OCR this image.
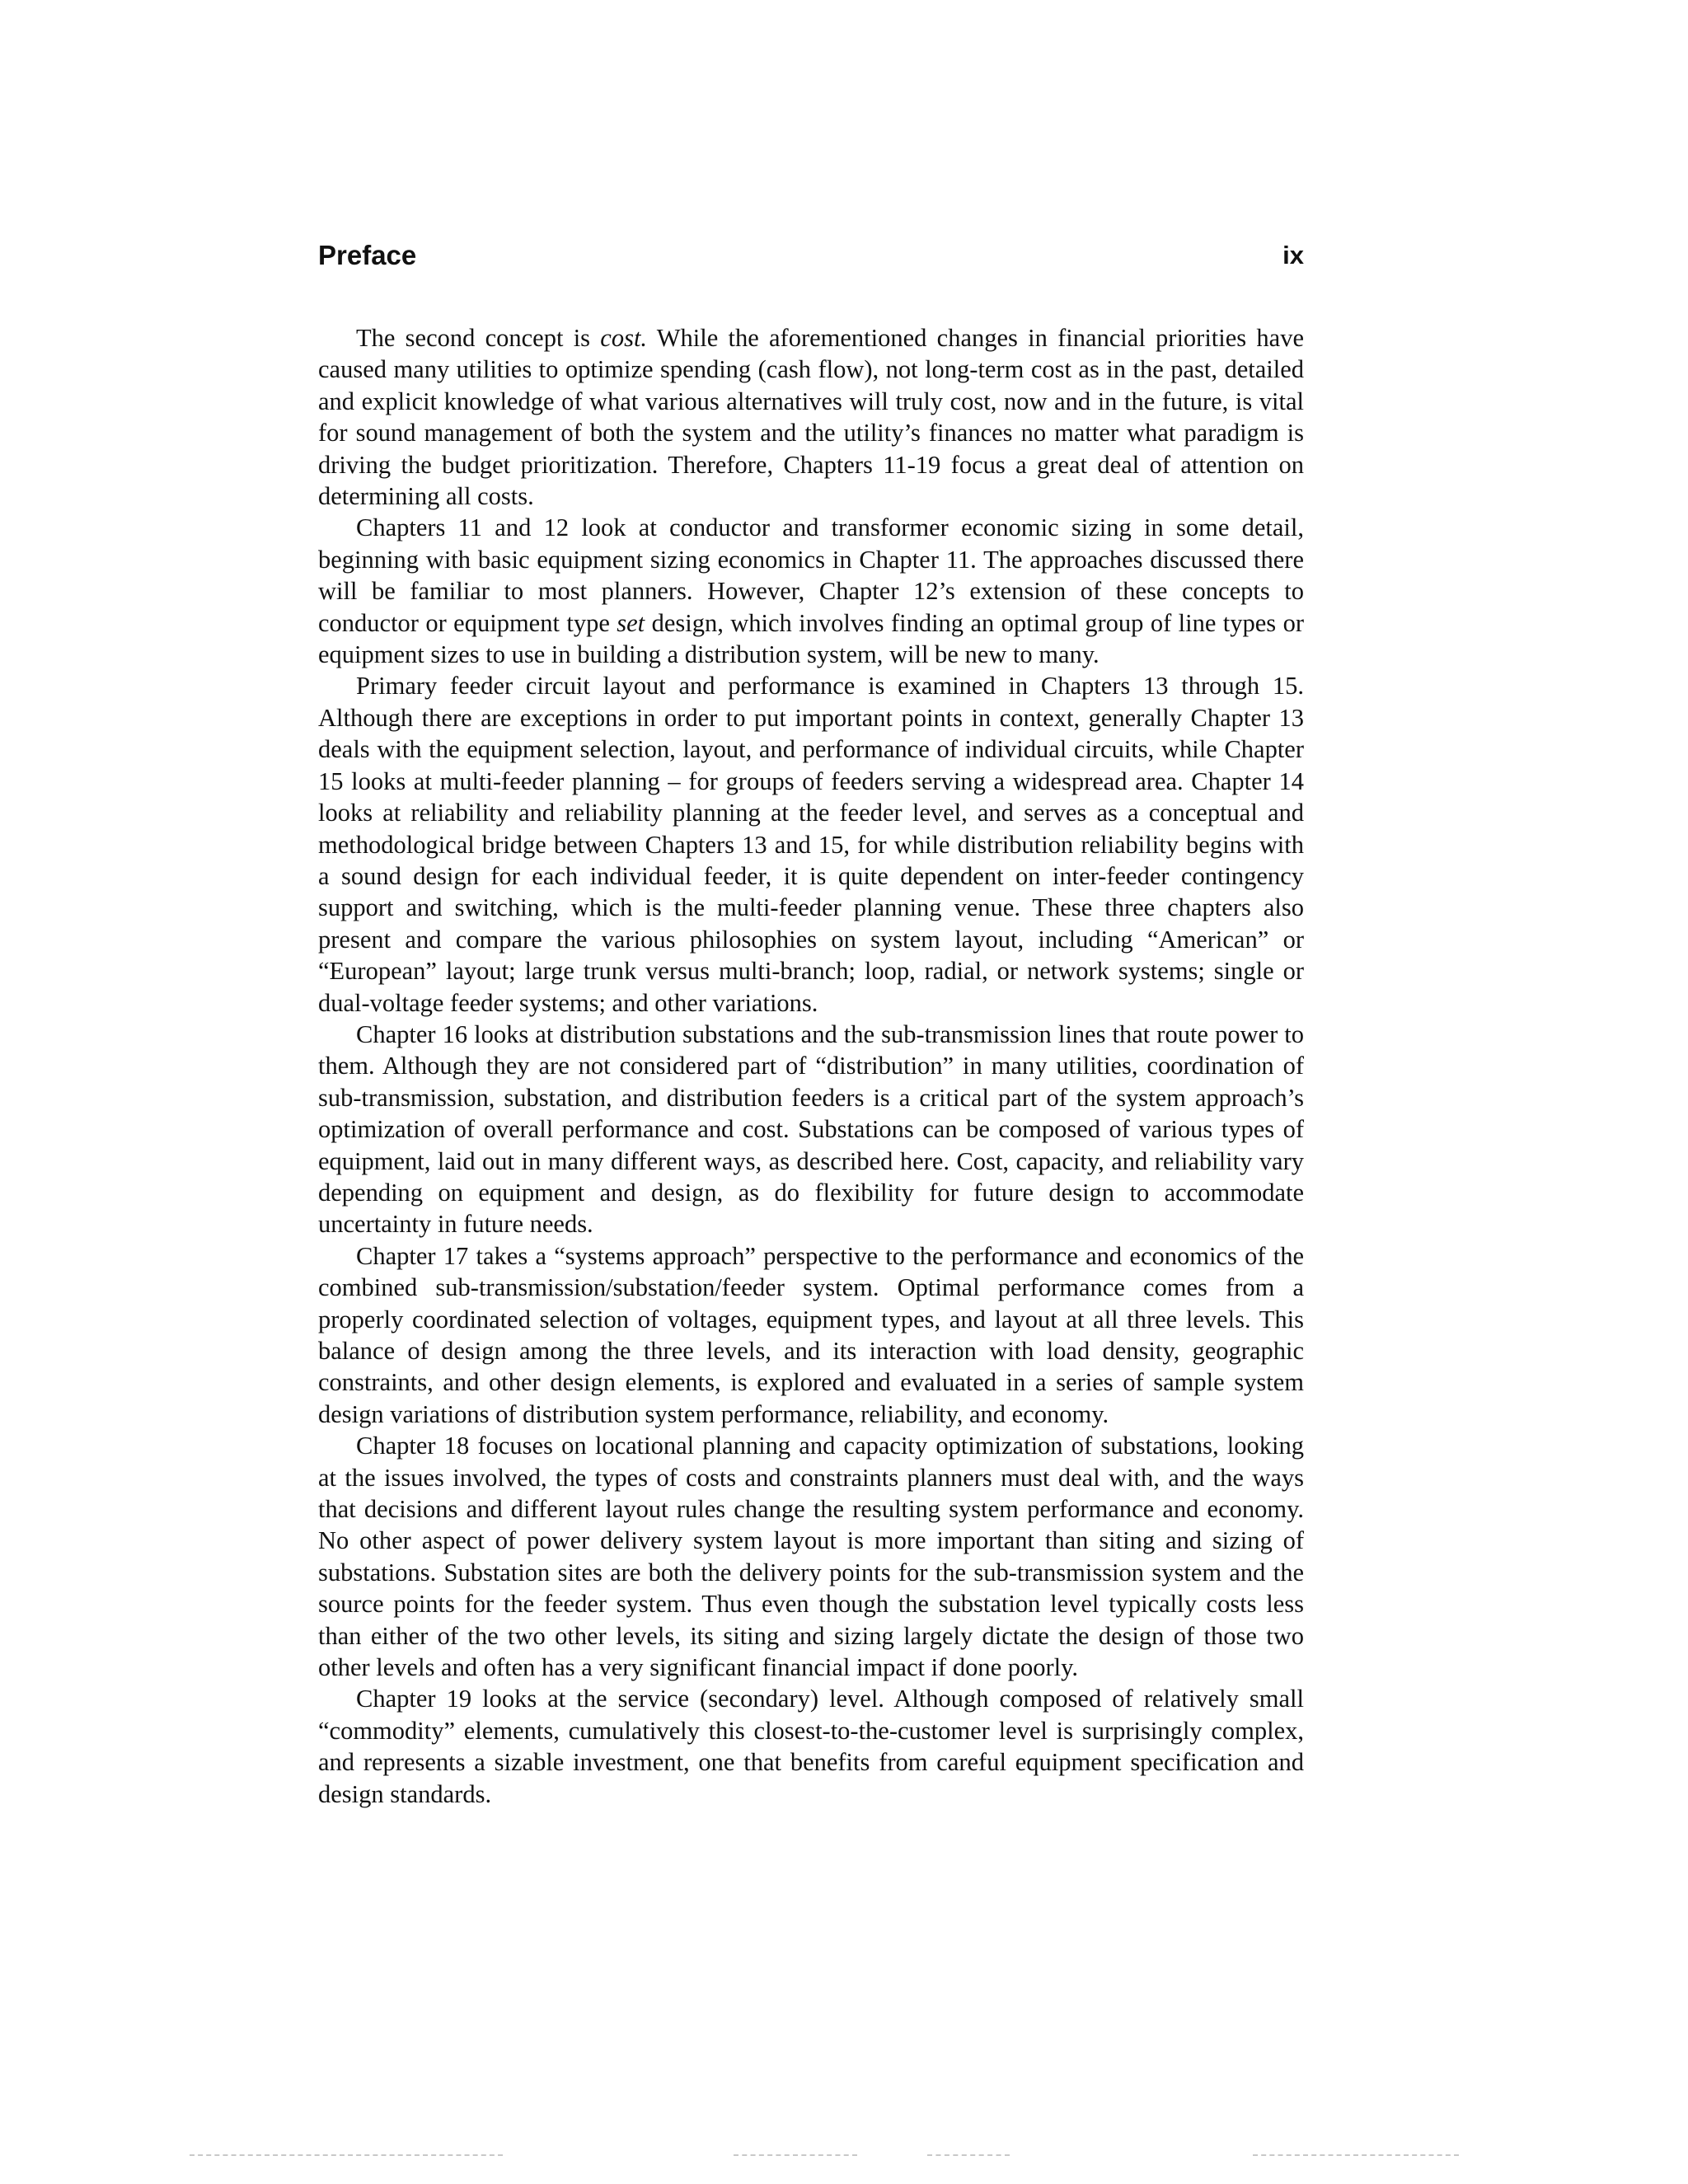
Preface	ix

The second concept is cost. While the aforementioned changes in financial priorities have caused many utilities to optimize spending (cash flow), not long-term cost as in the past, detailed and explicit knowledge of what various alternatives will truly cost, now and in the future, is vital for sound management of both the system and the utility’s finances no matter what paradigm is driving the budget prioritization. Therefore, Chapters 11-19 focus a great deal of attention on determining all costs.

Chapters 11 and 12 look at conductor and transformer economic sizing in some detail, beginning with basic equipment sizing economics in Chapter 11. The approaches discussed there will be familiar to most planners. However, Chapter 12’s extension of these concepts to conductor or equipment type set design, which involves finding an optimal group of line types or equipment sizes to use in building a distribution system, will be new to many.

Primary feeder circuit layout and performance is examined in Chapters 13 through 15. Although there are exceptions in order to put important points in context, generally Chapter 13 deals with the equipment selection, layout, and performance of individual circuits, while Chapter 15 looks at multi-feeder planning – for groups of feeders serving a widespread area. Chapter 14 looks at reliability and reliability planning at the feeder level, and serves as a conceptual and methodological bridge between Chapters 13 and 15, for while distribution reliability begins with a sound design for each individual feeder, it is quite dependent on inter-feeder contingency support and switching, which is the multi-feeder planning venue. These three chapters also present and compare the various philosophies on system layout, including “American” or “European” layout; large trunk versus multi-branch; loop, radial, or network systems; single or dual-voltage feeder systems; and other variations.

Chapter 16 looks at distribution substations and the sub-transmission lines that route power to them. Although they are not considered part of “distribution” in many utilities, coordination of sub-transmission, substation, and distribution feeders is a critical part of the system approach’s optimization of overall performance and cost. Substations can be composed of various types of equipment, laid out in many different ways, as described here. Cost, capacity, and reliability vary depending on equipment and design, as do flexibility for future design to accommodate uncertainty in future needs.

Chapter 17 takes a “systems approach” perspective to the performance and economics of the combined sub-transmission/substation/feeder system. Optimal performance comes from a properly coordinated selection of voltages, equipment types, and layout at all three levels. This balance of design among the three levels, and its interaction with load density, geographic constraints, and other design elements, is explored and evaluated in a series of sample system design variations of distribution system performance, reliability, and economy.

Chapter 18 focuses on locational planning and capacity optimization of substations, looking at the issues involved, the types of costs and constraints planners must deal with, and the ways that decisions and different layout rules change the resulting system performance and economy. No other aspect of power delivery system layout is more important than siting and sizing of substations. Substation sites are both the delivery points for the sub-transmission system and the source points for the feeder system. Thus even though the substation level typically costs less than either of the two other levels, its siting and sizing largely dictate the design of those two other levels and often has a very significant financial impact if done poorly.

Chapter 19 looks at the service (secondary) level. Although composed of relatively small “commodity” elements, cumulatively this closest-to-the-customer level is surprisingly complex, and represents a sizable investment, one that benefits from careful equipment specification and design standards.
